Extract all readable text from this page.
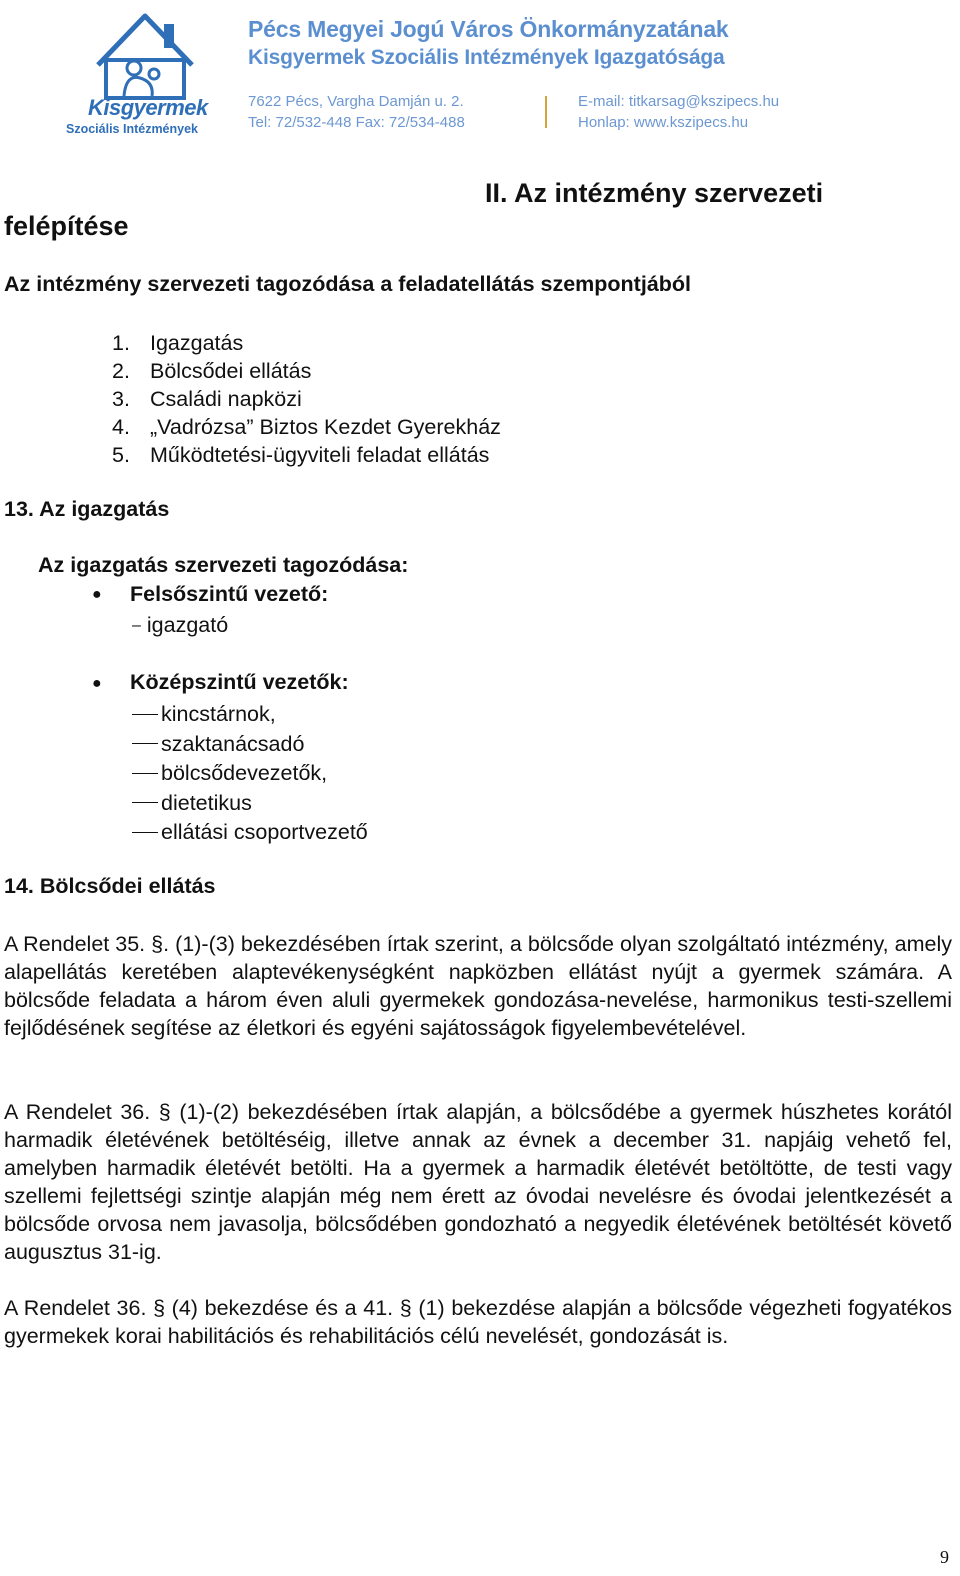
Kisgyermek
Szociális Intézmények
Pécs Megyei Jogú Város Önkormányzatának
Kisgyermek Szociális Intézmények Igazgatósága
7622 Pécs, Vargha Damján u. 2.
Tel: 72/532-448 Fax: 72/534-488
E-mail: titkarsag@kszipecs.hu
Honlap: www.kszipecs.hu
II. Az intézmény szervezeti
felépítése
Az intézmény szervezeti tagozódása a feladatellátás szempontjából
1. Igazgatás
2. Bölcsődei ellátás
3. Családi napközi
4. „Vadrózsa” Biztos Kezdet Gyerekház
5. Működtetési-ügyviteli feladat ellátás
13. Az igazgatás
Az igazgatás szervezeti tagozódása:
● Felsőszintű vezető:
– igazgató
● Középszintű vezetők:
kincstárnok,
szaktanácsadó
bölcsődevezetők,
dietetikus
ellátási csoportvezető
14. Bölcsődei ellátás
A Rendelet 35. §. (1)-(3) bekezdésében írtak szerint, a bölcsőde olyan szolgáltató intézmény, amely alapellátás keretében alaptevékenységként napközben ellátást nyújt a gyermek számára. A bölcsőde feladata a három éven aluli gyermekek gondozása-nevelése, harmonikus testi-szellemi fejlődésének segítése az életkori és egyéni sajátosságok figyelembevételével.
A Rendelet 36. § (1)-(2) bekezdésében írtak alapján, a bölcsődébe a gyermek húszhetes korától harmadik életévének betöltéséig, illetve annak az évnek a december 31. napjáig vehető fel, amelyben harmadik életévét betölti. Ha a gyermek a harmadik életévét betöltötte, de testi vagy szellemi fejlettségi szintje alapján még nem érett az óvodai nevelésre és óvodai jelentkezését a bölcsőde orvosa nem javasolja, bölcsődében gondozható a negyedik életévének betöltését követő augusztus 31-ig.
A Rendelet 36. § (4) bekezdése és a 41. § (1) bekezdése alapján a bölcsőde végezheti fogyatékos gyermekek korai habilitációs és rehabilitációs célú nevelését, gondozását is.
9
